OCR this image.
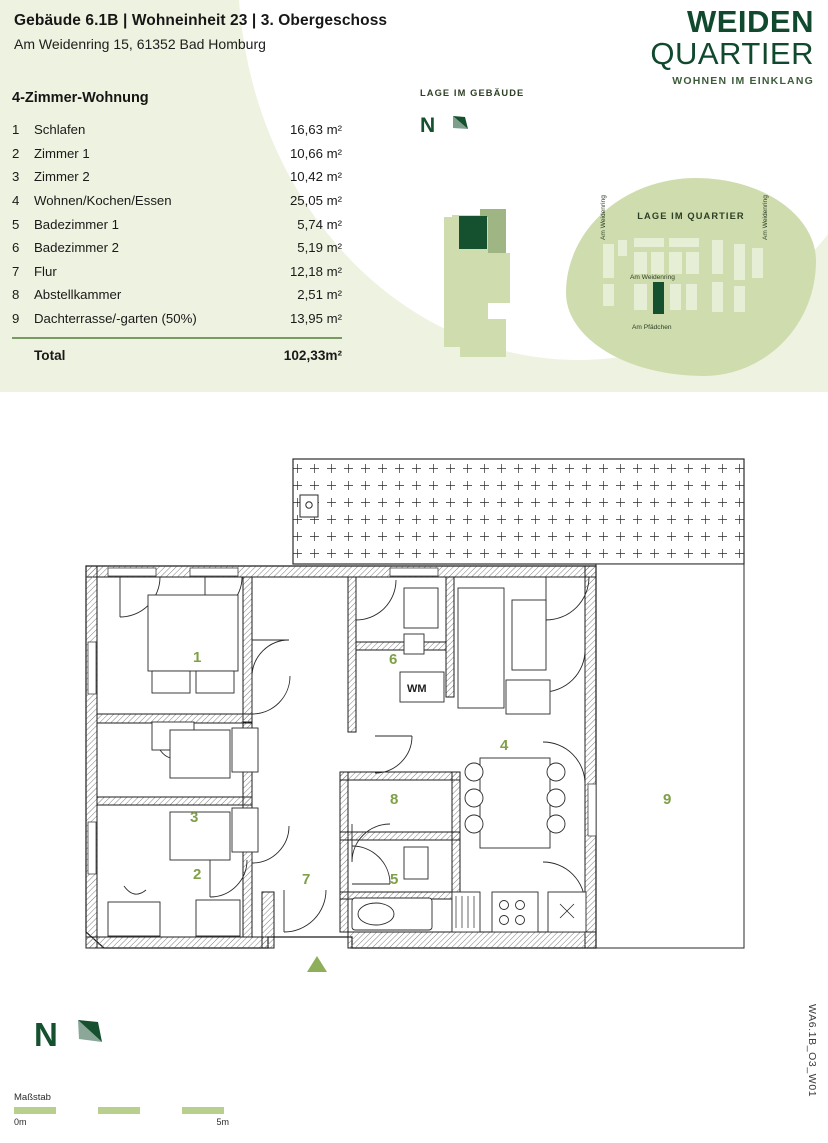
Gebäude 6.1B | Wohneinheit 23 | 3. Obergeschoss
Am Weidenring 15, 61352 Bad Homburg
WEIDEN
QUARTIER
WOHNEN IM EINKLANG
4-Zimmer-Wohnung
1	Schlafen	16,63 m²
2	Zimmer 1	10,66 m²
3	Zimmer 2	10,42 m²
4	Wohnen/Kochen/Essen	25,05 m²
5	Badezimmer 1	5,74 m²
6	Badezimmer 2	5,19 m²
7	Flur	12,18 m²
8	Abstellkammer	2,51 m²
9	Dachterrasse/-garten (50%)	13,95 m²
	Total	102,33m²
LAGE IM GEBÄUDE
N
LAGE IM QUARTIER
Am Weidenring	Am Weidenring
Am Weidenring
Am Pfädchen
WM
1
2
3
4
5
6
7
8	9
N	WA6.1B_O3_W01
Maßstab
0m	5m
